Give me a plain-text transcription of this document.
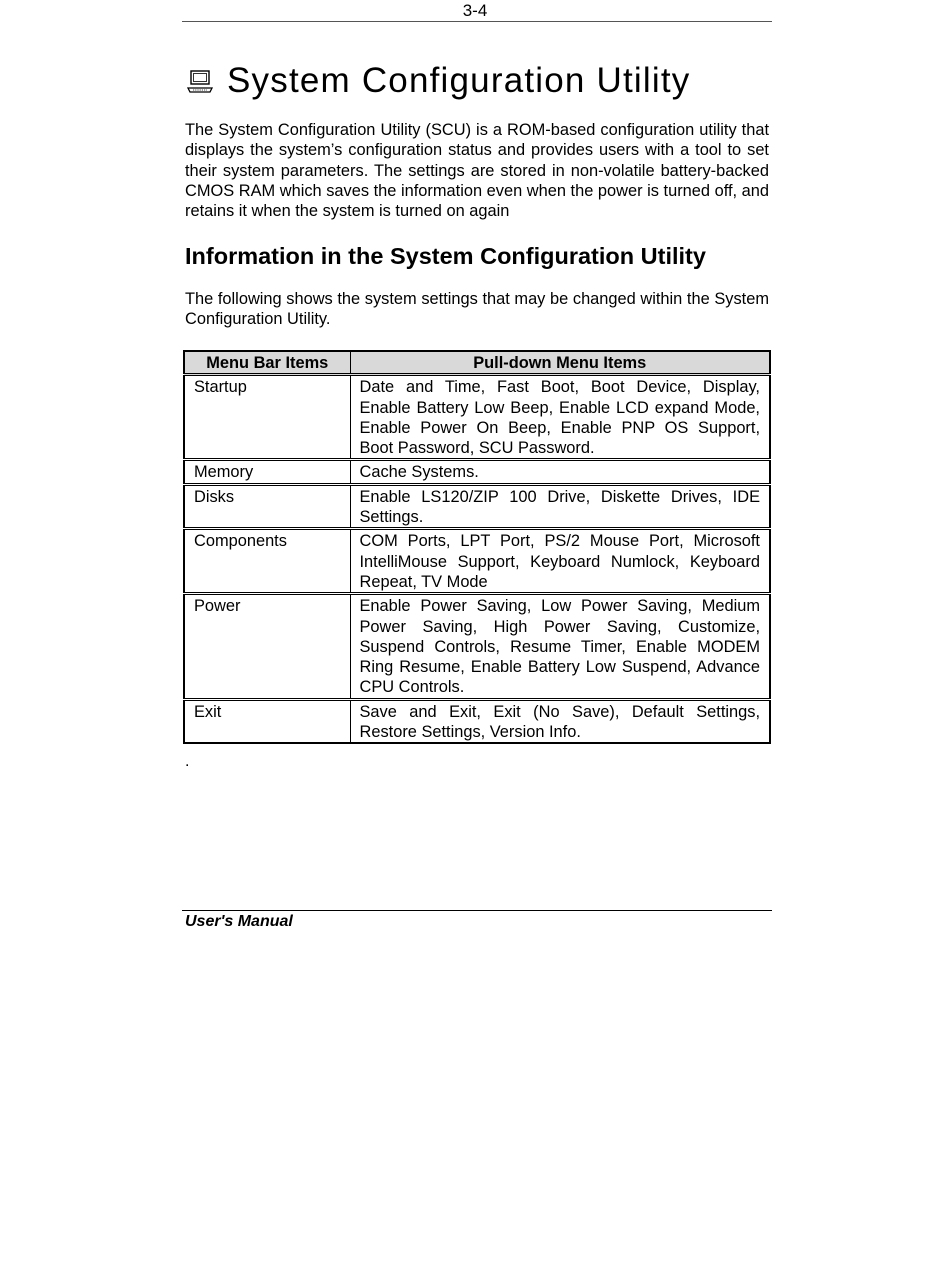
3-4
System Configuration Utility

The System Configuration Utility (SCU) is a ROM-based configuration utility that displays the system’s configuration status and provides users with a tool to set their system parameters. The settings are stored in non-volatile battery-backed CMOS RAM which saves the information even when the power is turned off, and retains it when the system is turned on again

Information in the System Configuration Utility

The following shows the system settings that may be changed within the System Configuration Utility.

Menu Bar Items	Pull-down Menu Items
Startup	Date and Time, Fast Boot, Boot Device, Display, Enable Battery Low Beep, Enable LCD expand Mode, Enable Power On Beep, Enable PNP OS Support, Boot Password, SCU Password.
Memory	Cache Systems.
Disks	Enable LS120/ZIP 100 Drive, Diskette Drives, IDE Settings.
Components	COM Ports, LPT Port, PS/2 Mouse Port, Microsoft IntelliMouse Support, Keyboard Numlock, Keyboard Repeat, TV Mode
Power	Enable Power Saving, Low Power Saving, Medium Power Saving, High Power Saving, Customize, Suspend Controls, Resume Timer, Enable MODEM Ring Resume, Enable Battery Low Suspend, Advance CPU Controls.
Exit	Save and Exit, Exit (No Save), Default Settings, Restore Settings, Version Info.
.
User's Manual
